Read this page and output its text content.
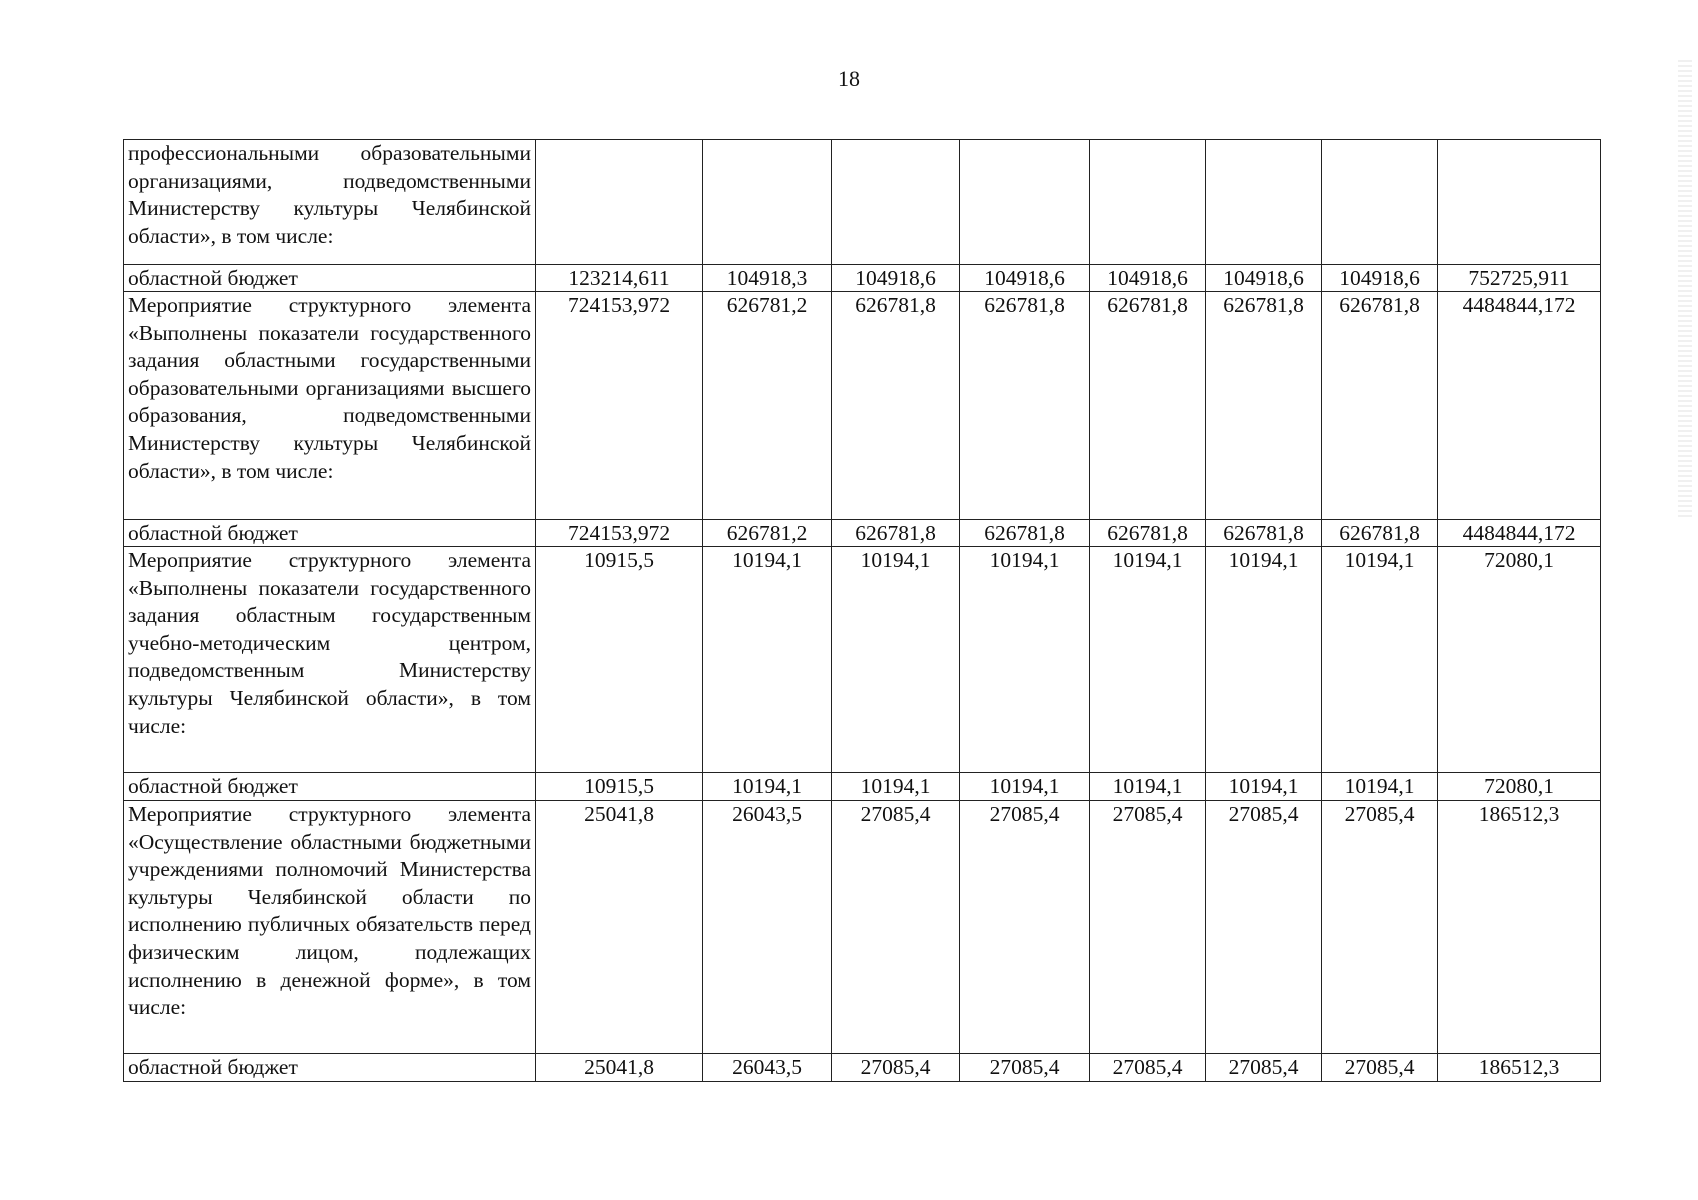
18
профессиональными образовательными организациями, подведомственными Министерству культуры Челябинской области», в том числе:								
областной бюджет	123214,611	104918,3	104918,6	104918,6	104918,6	104918,6	104918,6	752725,911
Мероприятие структурного элемента «Выполнены показатели государственного задания областными государственными образовательными организациями высшего образования, подведомственными Министерству культуры Челябинской области», в том числе:	724153,972	626781,2	626781,8	626781,8	626781,8	626781,8	626781,8	4484844,172
областной бюджет	724153,972	626781,2	626781,8	626781,8	626781,8	626781,8	626781,8	4484844,172
Мероприятие структурного элемента «Выполнены показатели государственного задания областным государственным учебно-методическим центром, подведомственным Министерству культуры Челябинской области», в том числе:	10915,5	10194,1	10194,1	10194,1	10194,1	10194,1	10194,1	72080,1
областной бюджет	10915,5	10194,1	10194,1	10194,1	10194,1	10194,1	10194,1	72080,1
Мероприятие структурного элемента «Осуществление областными бюджетными учреждениями полномочий Министерства культуры Челябинской области по исполнению публичных обязательств перед физическим лицом, подлежащих исполнению в денежной форме», в том числе:	25041,8	26043,5	27085,4	27085,4	27085,4	27085,4	27085,4	186512,3
областной бюджет	25041,8	26043,5	27085,4	27085,4	27085,4	27085,4	27085,4	186512,3
